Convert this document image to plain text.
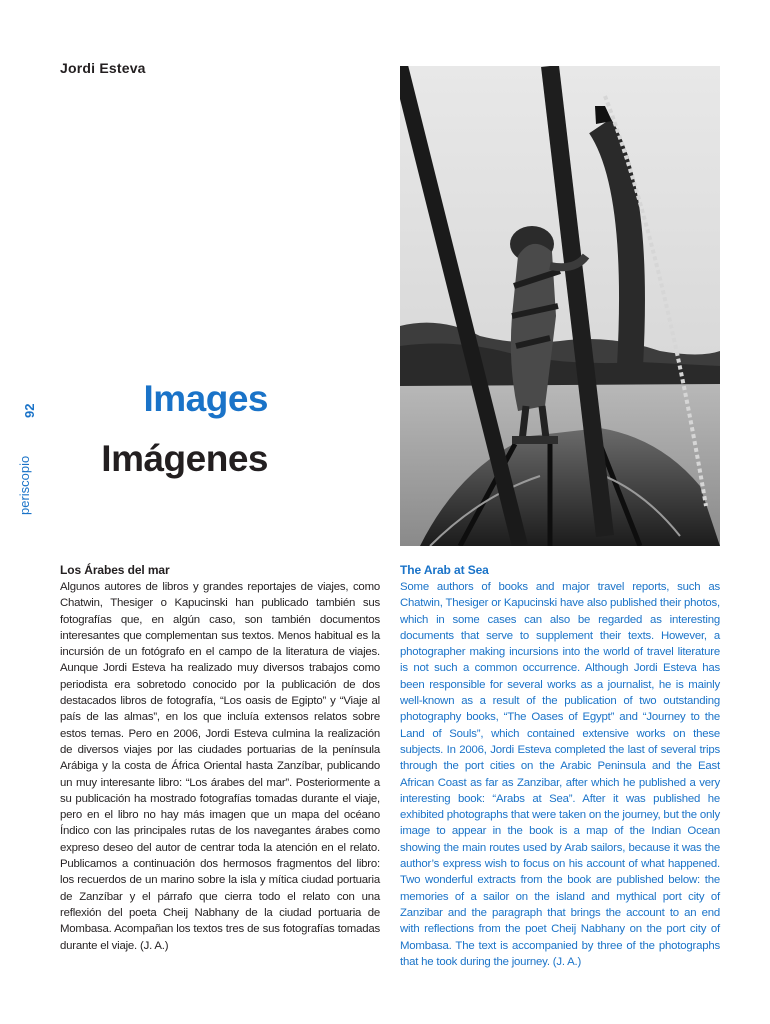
Jordi Esteva
92
periscopio
Images
Imágenes
Los Árabes del mar

Algunos autores de libros y grandes reportajes de viajes, como Chatwin, Thesiger o Kapucinski han publicado también sus fotografías que, en algún caso, son también documentos interesantes que complementan sus textos. Menos habitual es la incursión de un fotógrafo en el campo de la literatura de viajes. Aunque Jordi Esteva ha realizado muy diversos trabajos como periodista era sobretodo conocido por la publicación de dos destacados libros de fotografía, “Los oasis de Egipto” y “Viaje al país de las almas”, en los que incluía extensos relatos sobre estos temas. Pero en 2006, Jordi Esteva culmina la realización de diversos viajes por las ciudades portuarias de la península Arábiga y la costa de África Oriental hasta Zanzíbar, publicando un muy interesante libro: “Los árabes del mar”. Posteriormente a su publicación ha mostrado fotografías tomadas durante el viaje, pero en el libro no hay más imagen que un mapa del océano Índico con las principales rutas de los navegantes árabes como expreso deseo del autor de centrar toda la atención en el relato. Publicamos a continuación dos hermosos fragmentos del libro: los recuerdos de un marino sobre la isla y mítica ciudad portuaria de Zanzíbar y el párrafo que cierra todo el relato con una reflexión del poeta Cheij Nabhany de la ciudad portuaria de Mombasa. Acompañan los textos tres de sus fotografías tomadas durante el viaje. (J. A.)

The Arab at Sea

Some authors of books and major travel reports, such as Chatwin, Thesiger or Kapucinski have also published their photos, which in some cases can also be regarded as interesting documents that serve to supplement their texts. However, a photographer making incursions into the world of travel literature is not such a common occurrence. Although Jordi Esteva has been responsible for several works as a journalist, he is mainly well-known as a result of the publication of two outstanding photography books, “The Oases of Egypt” and “Journey to the Land of Souls”, which contained extensive works on these subjects. In 2006, Jordi Esteva completed the last of several trips through the port cities on the Arabic Peninsula and the East African Coast as far as Zanzibar, after which he published a very interesting book: “Arabs at Sea”. After it was published he exhibited photographs that were taken on the journey, but the only image to appear in the book is a map of the Indian Ocean showing the main routes used by Arab sailors, because it was the author’s express wish to focus on his account of what happened. Two wonderful extracts from the book are published below: the memories of a sailor on the island and mythical port city of Zanzibar and the paragraph that brings the account to an end with reflections from the poet Cheij Nabhany on the port city of Mombasa. The text is accompanied by three of the photographs that he took during the journey. (J. A.)
